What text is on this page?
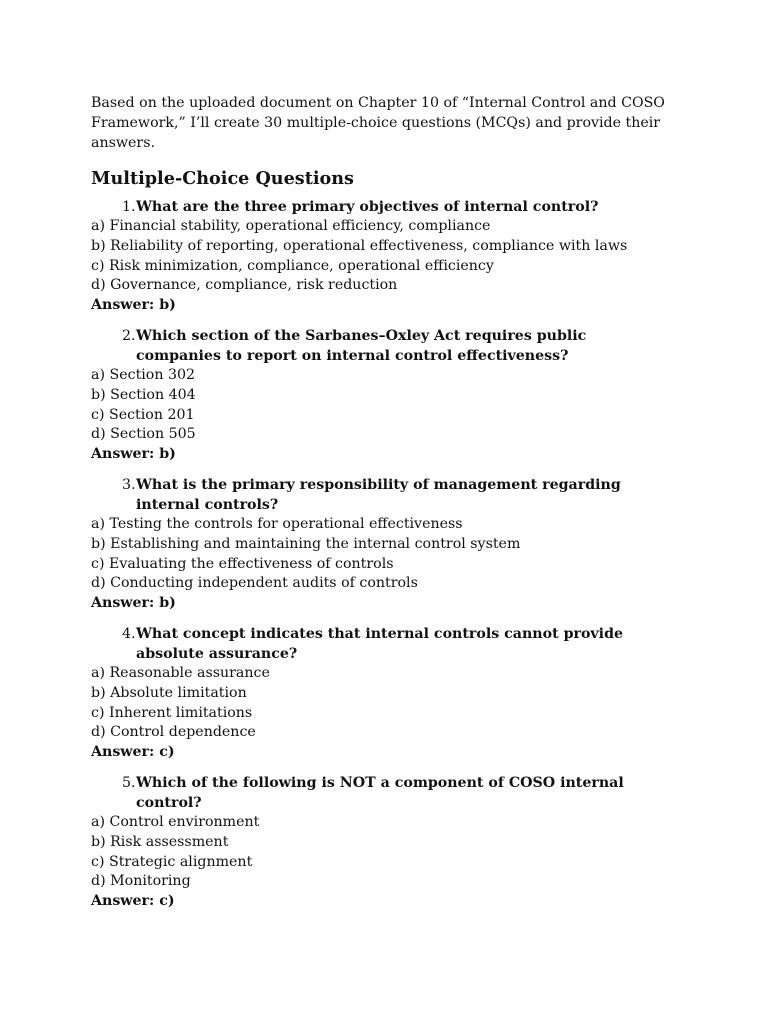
Based on the uploaded document on Chapter 10 of “Internal Control and COSO Framework,” I’ll create 30 multiple-choice questions (MCQs) and provide their answers.

Multiple-Choice Questions
1. What are the three primary objectives of internal control?

a) Financial stability, operational efficiency, compliance

b) Reliability of reporting, operational effectiveness, compliance with laws

c) Risk minimization, compliance, operational efficiency

d) Governance, compliance, risk reduction

Answer: b)

2. Which section of the Sarbanes–Oxley Act requires public companies to report on internal control effectiveness?

a) Section 302

b) Section 404

c) Section 201

d) Section 505

Answer: b)

3. What is the primary responsibility of management regarding internal controls?

a) Testing the controls for operational effectiveness

b) Establishing and maintaining the internal control system

c) Evaluating the effectiveness of controls

d) Conducting independent audits of controls

Answer: b)

4. What concept indicates that internal controls cannot provide absolute assurance?

a) Reasonable assurance

b) Absolute limitation

c) Inherent limitations

d) Control dependence

Answer: c)

5. Which of the following is NOT a component of COSO internal control?

a) Control environment

b) Risk assessment

c) Strategic alignment

d) Monitoring

Answer: c)
